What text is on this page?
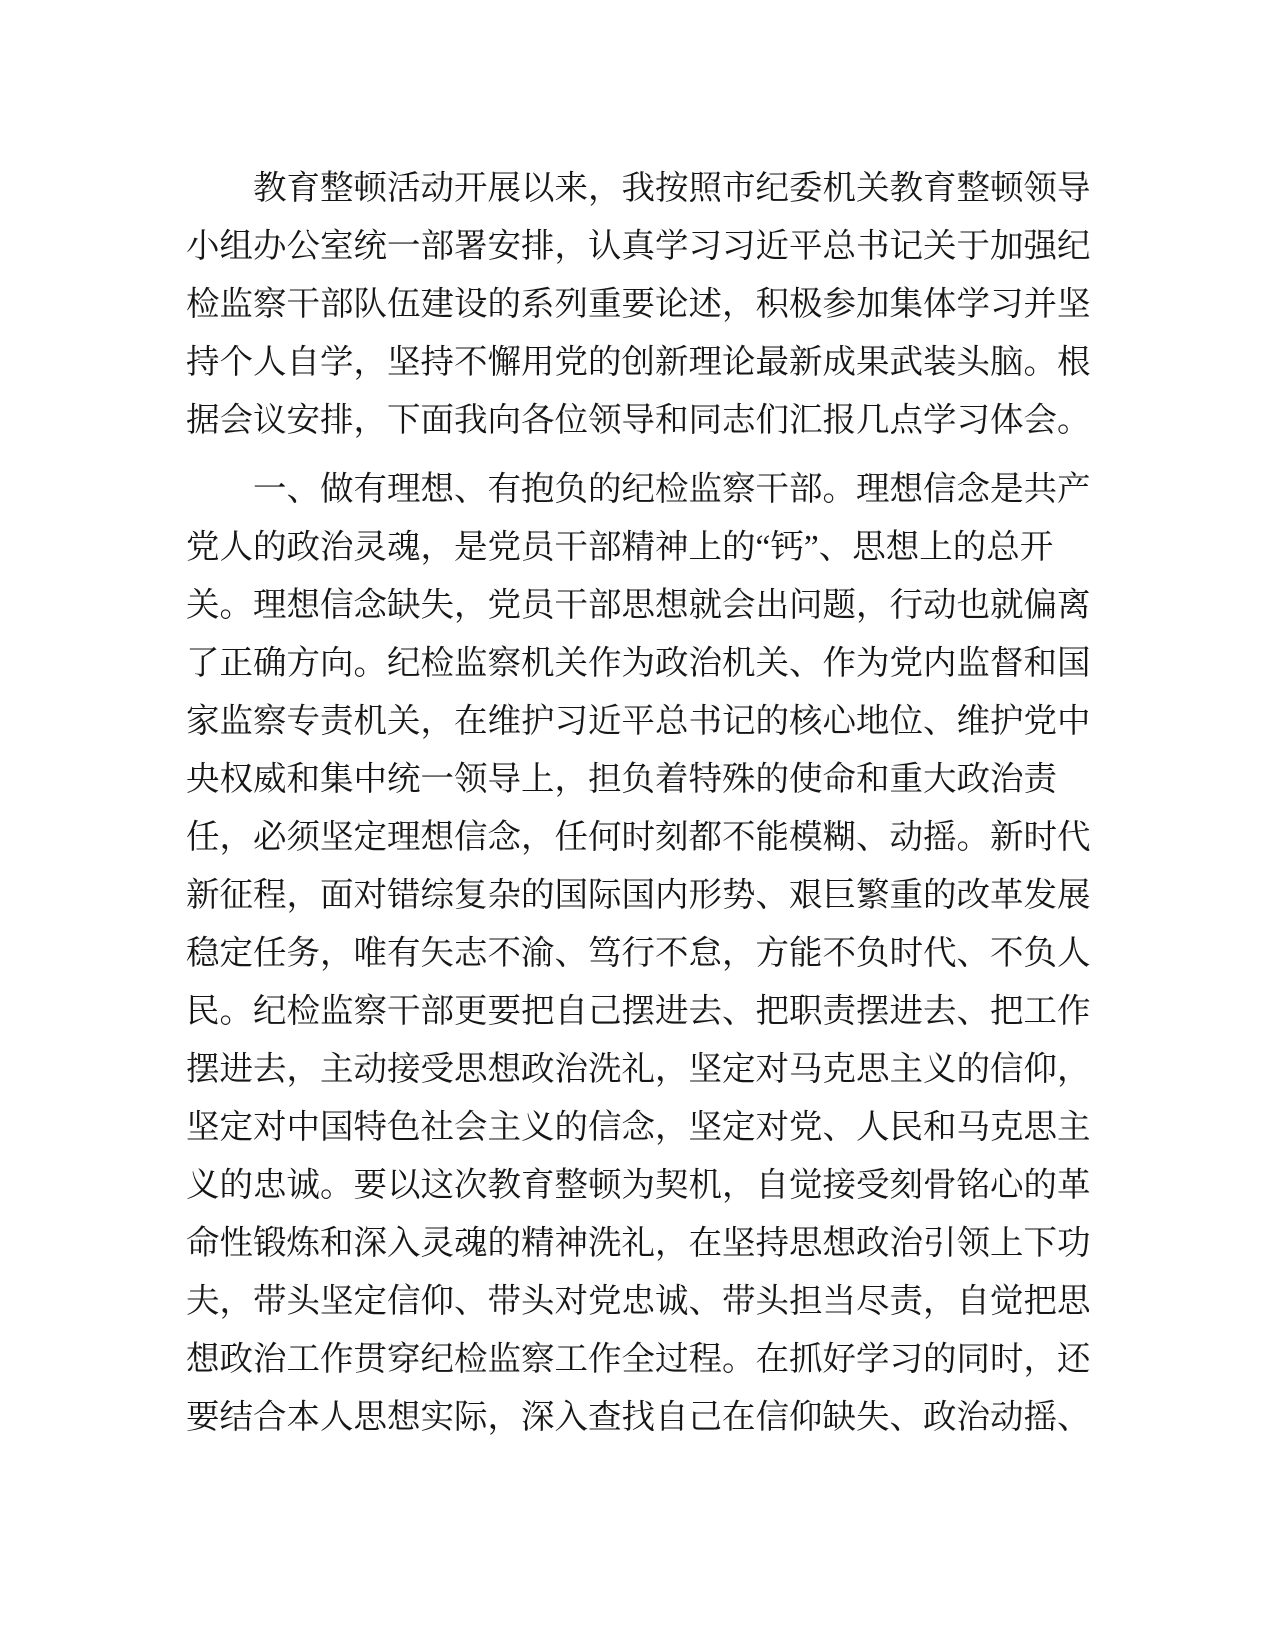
教育整顿活动开展以来，我按照市纪委机关教育整顿领导
小组办公室统一部署安排，认真学习习近平总书记关于加强纪
检监察干部队伍建设的系列重要论述，积极参加集体学习并坚
持个人自学，坚持不懈用党的创新理论最新成果武装头脑。根
据会议安排，下面我向各位领导和同志们汇报几点学习体会。
一、做有理想、有抱负的纪检监察干部。理想信念是共产
党人的政治灵魂，是党员干部精神上的“钙”、思想上的总开
关。理想信念缺失，党员干部思想就会出问题，行动也就偏离
了正确方向。纪检监察机关作为政治机关、作为党内监督和国
家监察专责机关，在维护习近平总书记的核心地位、维护党中
央权威和集中统一领导上，担负着特殊的使命和重大政治责
任，必须坚定理想信念，任何时刻都不能模糊、动摇。新时代
新征程，面对错综复杂的国际国内形势、艰巨繁重的改革发展
稳定任务，唯有矢志不渝、笃行不怠，方能不负时代、不负人
民。纪检监察干部更要把自己摆进去、把职责摆进去、把工作
摆进去，主动接受思想政治洗礼，坚定对马克思主义的信仰，
坚定对中国特色社会主义的信念，坚定对党、人民和马克思主
义的忠诚。要以这次教育整顿为契机，自觉接受刻骨铭心的革
命性锻炼和深入灵魂的精神洗礼，在坚持思想政治引领上下功
夫，带头坚定信仰、带头对党忠诚、带头担当尽责，自觉把思
想政治工作贯穿纪检监察工作全过程。在抓好学习的同时，还
要结合本人思想实际，深入查找自己在信仰缺失、政治动摇、
